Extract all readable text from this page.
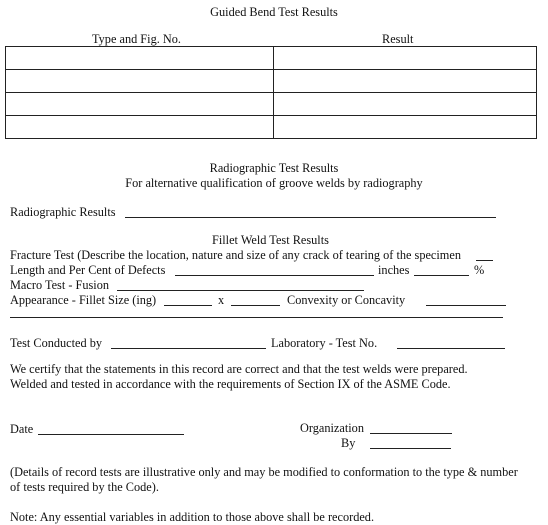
Guided Bend Test Results
Type and Fig. No.	Result

Radiographic Test Results
For alternative qualification of groove welds by radiography
Radiographic Results
Fillet Weld Test Results
Fracture Test (Describe the location, nature and size of any crack of tearing of the specimen
Length and Per Cent of Defects	inches	%
Macro Test - Fusion
Appearance - Fillet Size (ing)	x	Convexity or Concavity
Test Conducted by	Laboratory - Test No.
We certify that the statements in this record are correct and that the test welds were prepared.
Welded and tested in accordance with the requirements of Section IX of the ASME Code.
Date	Organization
By
(Details of record tests are illustrative only and may be modified to conformation to the type & number
of tests required by the Code).
Note: Any essential variables in addition to those above shall be recorded.
